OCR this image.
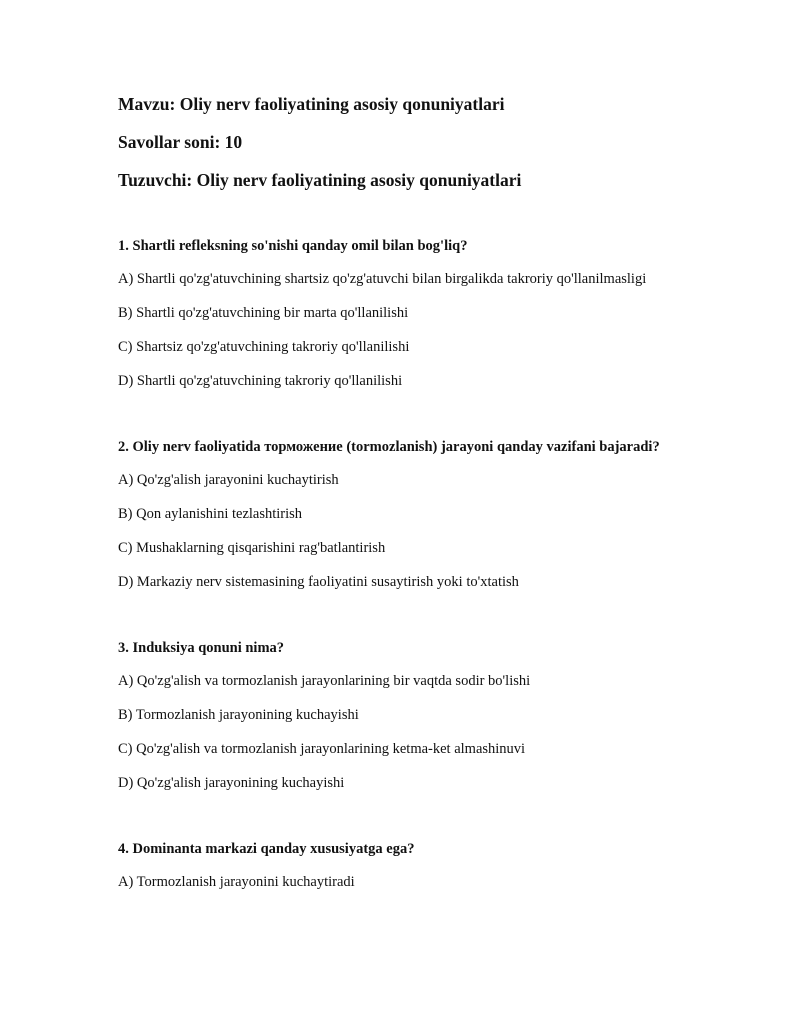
Mavzu: Oliy nerv faoliyatining asosiy qonuniyatlari
Savollar soni: 10
Tuzuvchi: Oliy nerv faoliyatining asosiy qonuniyatlari
1. Shartli refleksning so'nishi qanday omil bilan bog'liq?
A) Shartli qo'zg'atuvchining shartsiz qo'zg'atuvchi bilan birgalikda takroriy qo'llanilmasligi
B) Shartli qo'zg'atuvchining bir marta qo'llanilishi
C) Shartsiz qo'zg'atuvchining takroriy qo'llanilishi
D) Shartli qo'zg'atuvchining takroriy qo'llanilishi
2. Oliy nerv faoliyatida торможение (tormozlanish) jarayoni qanday vazifani bajaradi?
A) Qo'zg'alish jarayonini kuchaytirish
B) Qon aylanishini tezlashtirish
C) Mushaklarning qisqarishini rag'batlantirish
D) Markaziy nerv sistemasining faoliyatini susaytirish yoki to'xtatish
3. Induksiya qonuni nima?
A) Qo'zg'alish va tormozlanish jarayonlarining bir vaqtda sodir bo'lishi
B) Tormozlanish jarayonining kuchayishi
C) Qo'zg'alish va tormozlanish jarayonlarining ketma-ket almashinuvi
D) Qo'zg'alish jarayonining kuchayishi
4. Dominanta markazi qanday xususiyatga ega?
A) Tormozlanish jarayonini kuchaytiradi
